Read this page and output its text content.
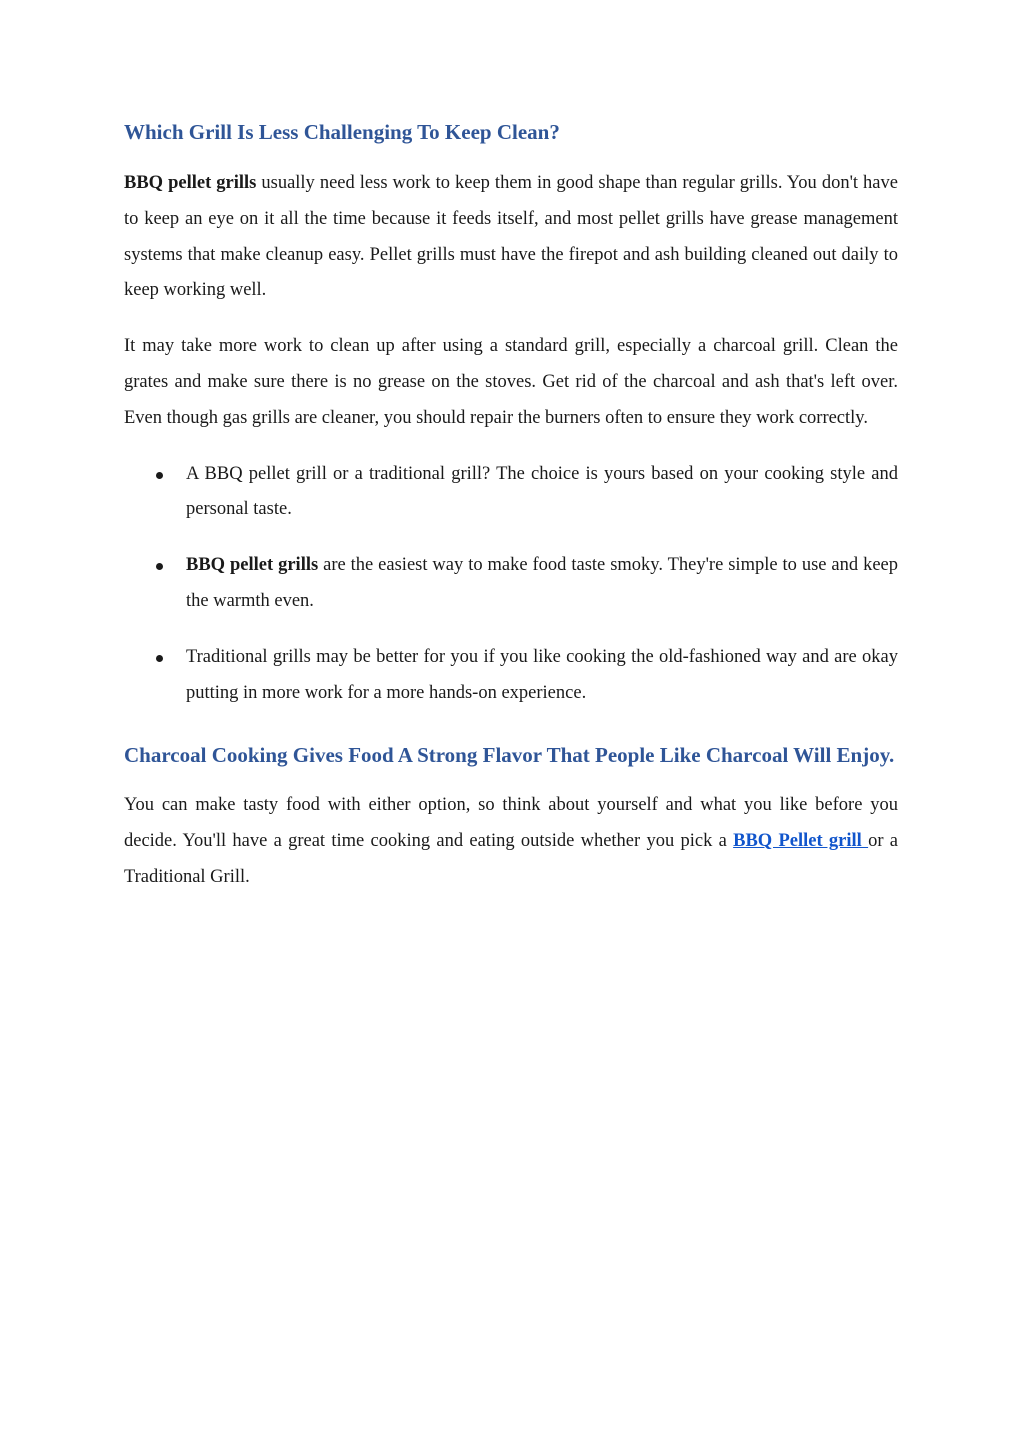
Which Grill Is Less Challenging To Keep Clean?

BBQ pellet grills usually need less work to keep them in good shape than regular grills. You don't have to keep an eye on it all the time because it feeds itself, and most pellet grills have grease management systems that make cleanup easy. Pellet grills must have the firepot and ash building cleaned out daily to keep working well.

It may take more work to clean up after using a standard grill, especially a charcoal grill. Clean the grates and make sure there is no grease on the stoves. Get rid of the charcoal and ash that's left over. Even though gas grills are cleaner, you should repair the burners often to ensure they work correctly.

A BBQ pellet grill or a traditional grill? The choice is yours based on your cooking style and personal taste.
BBQ pellet grills are the easiest way to make food taste smoky. They're simple to use and keep the warmth even.
Traditional grills may be better for you if you like cooking the old-fashioned way and are okay putting in more work for a more hands-on experience.
Charcoal Cooking Gives Food A Strong Flavor That People Like Charcoal Will Enjoy.

You can make tasty food with either option, so think about yourself and what you like before you decide. You'll have a great time cooking and eating outside whether you pick a BBQ Pellet grill or a Traditional Grill.
